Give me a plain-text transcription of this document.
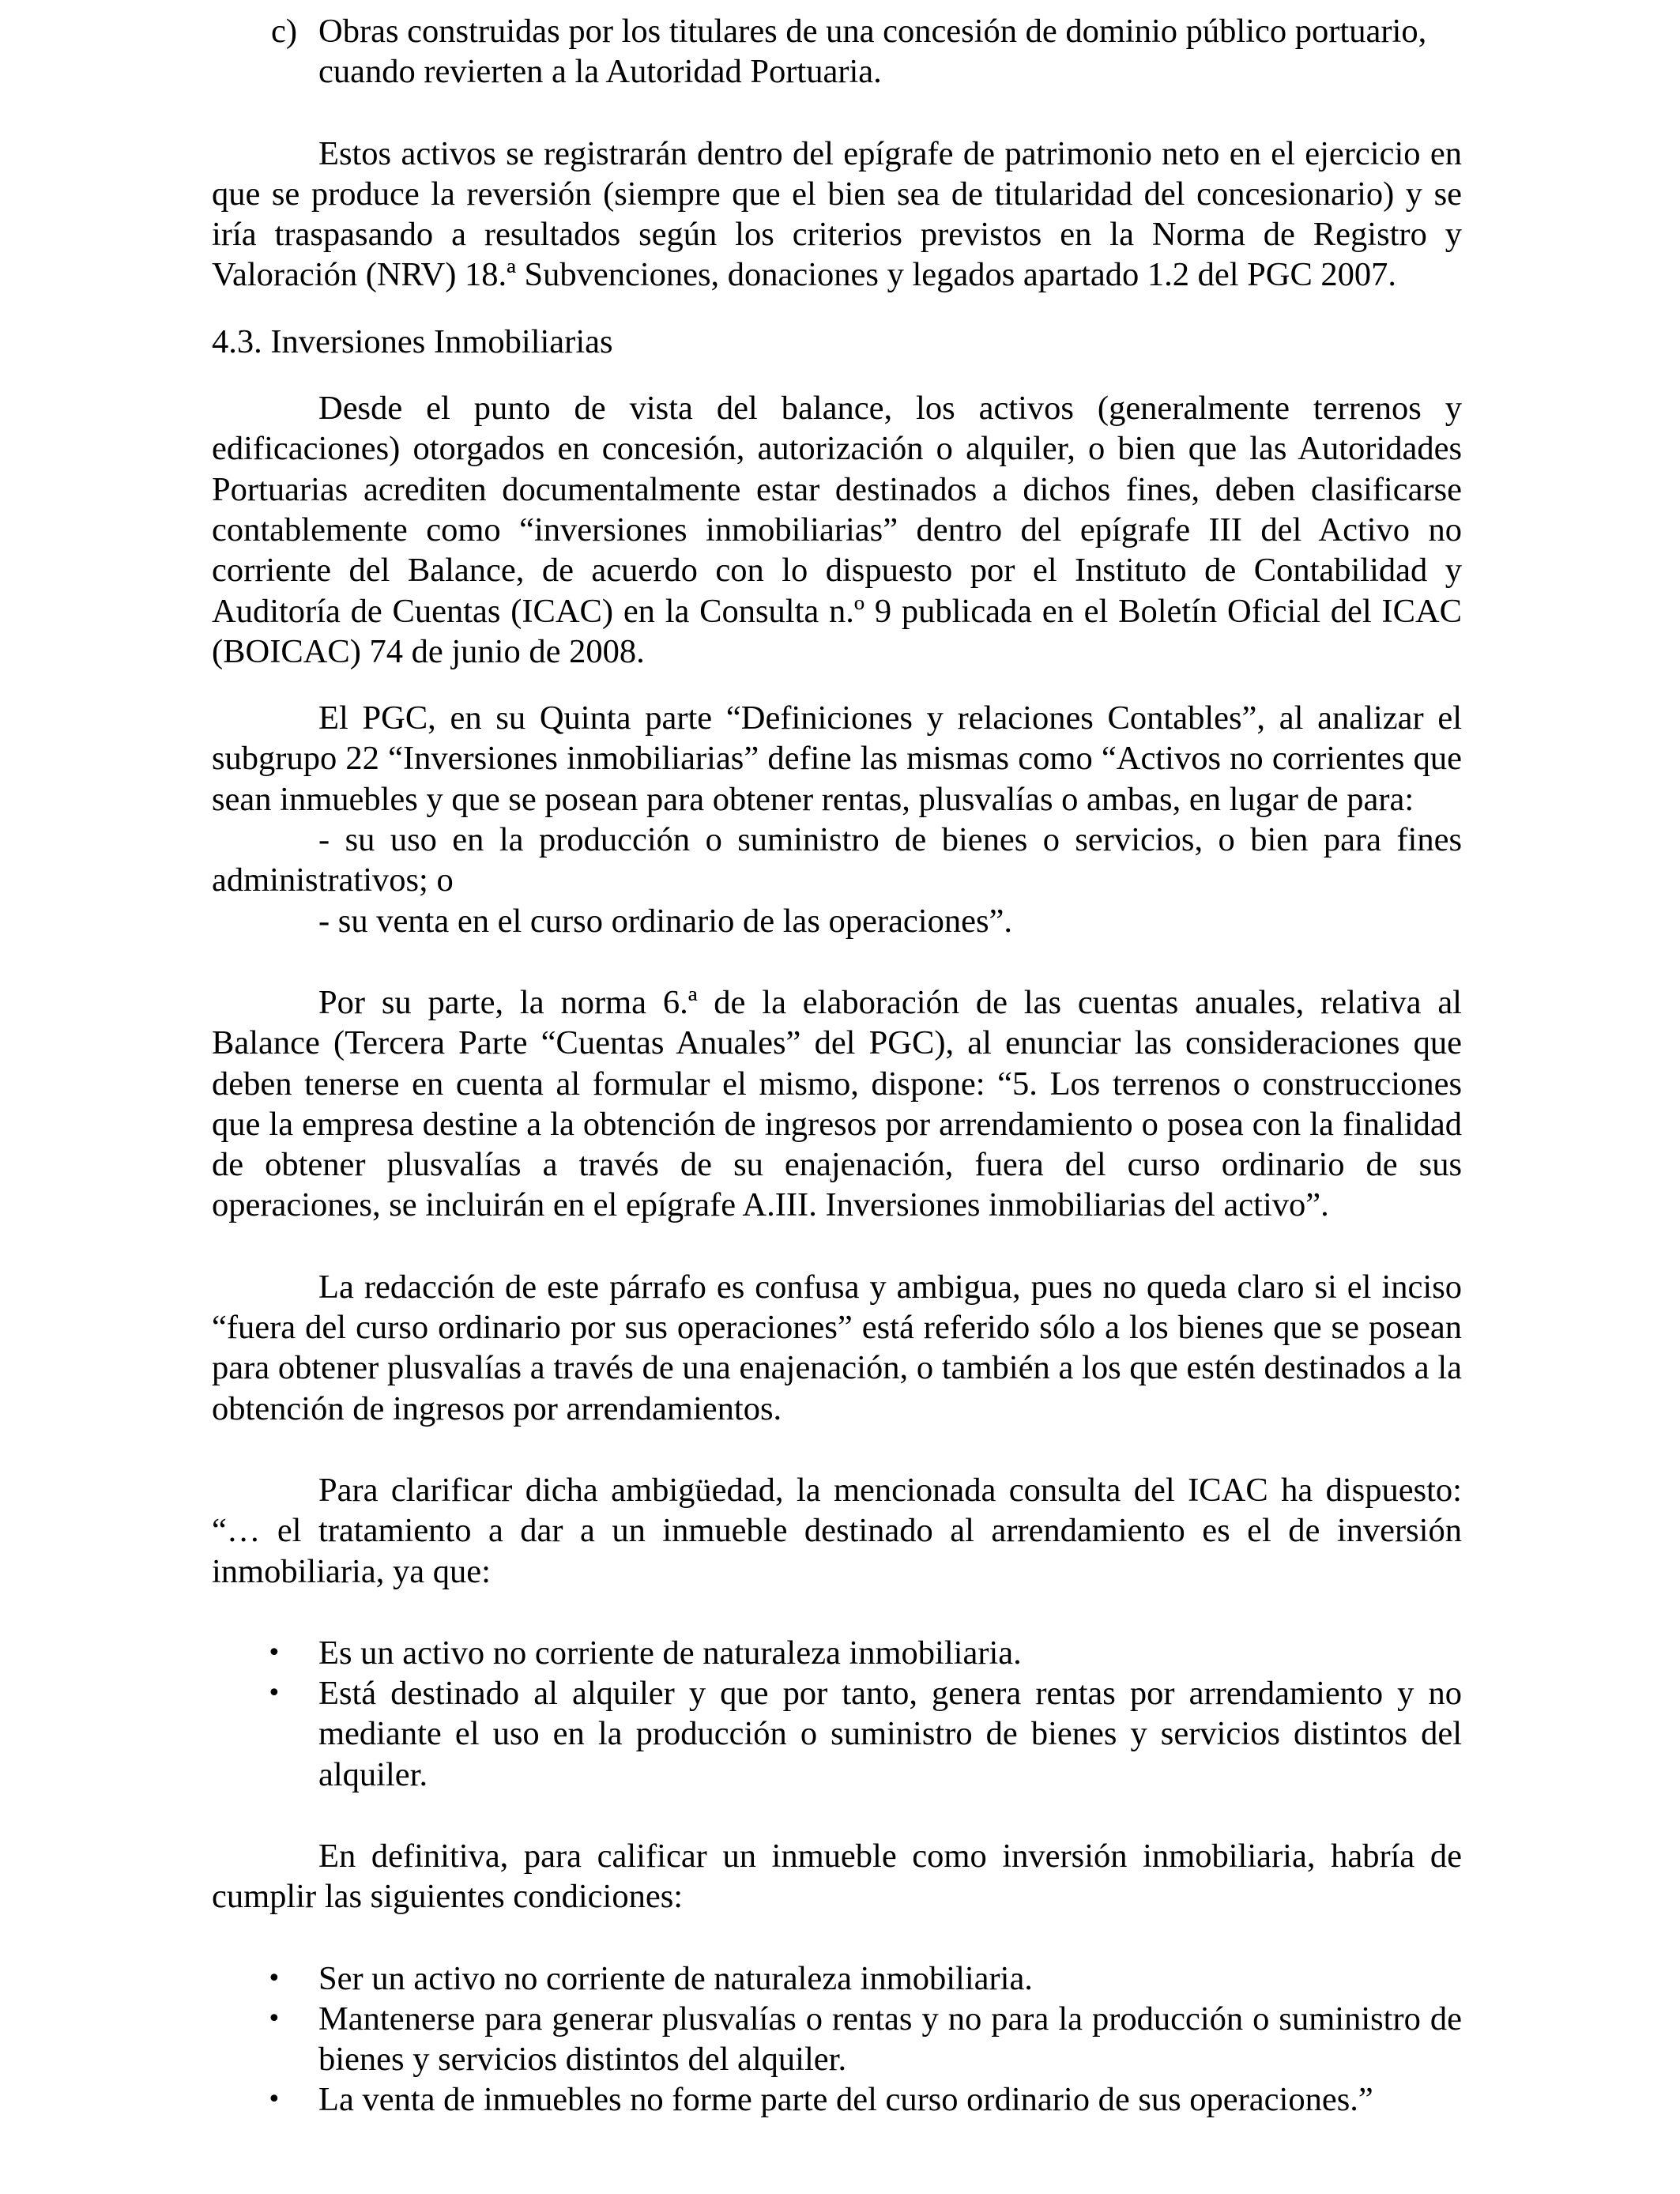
c) Obras construidas por los titulares de una concesión de dominio público portuario, cuando revierten a la Autoridad Portuaria.

Estos activos se registrarán dentro del epígrafe de patrimonio neto en el ejercicio en que se produce la reversión (siempre que el bien sea de titularidad del concesionario) y se iría traspasando a resultados según los criterios previstos en la Norma de Registro y Valoración (NRV) 18.ª Subvenciones, donaciones y legados apartado 1.2 del PGC 2007.

4.3. Inversiones Inmobiliarias

Desde el punto de vista del balance, los activos (generalmente terrenos y edificaciones) otorgados en concesión, autorización o alquiler, o bien que las Autoridades Portuarias acrediten documentalmente estar destinados a dichos fines, deben clasificarse contablemente como “inversiones inmobiliarias” dentro del epígrafe III del Activo no corriente del Balance, de acuerdo con lo dispuesto por el Instituto de Contabilidad y Auditoría de Cuentas (ICAC) en la Consulta n.º 9 publicada en el Boletín Oficial del ICAC (BOICAC) 74 de junio de 2008.

El PGC, en su Quinta parte “Definiciones y relaciones Contables”, al analizar el subgrupo 22 “Inversiones inmobiliarias” define las mismas como “Activos no corrientes que sean inmuebles y que se posean para obtener rentas, plusvalías o ambas, en lugar de para:

- su uso en la producción o suministro de bienes o servicios, o bien para fines administrativos; o

- su venta en el curso ordinario de las operaciones”.

Por su parte, la norma 6.ª de la elaboración de las cuentas anuales, relativa al Balance (Tercera Parte “Cuentas Anuales” del PGC), al enunciar las consideraciones que deben tenerse en cuenta al formular el mismo, dispone: “5. Los terrenos o construcciones que la empresa destine a la obtención de ingresos por arrendamiento o posea con la finalidad de obtener plusvalías a través de su enajenación, fuera del curso ordinario de sus operaciones, se incluirán en el epígrafe A.III. Inversiones inmobiliarias del activo”.

La redacción de este párrafo es confusa y ambigua, pues no queda claro si el inciso “fuera del curso ordinario por sus operaciones” está referido sólo a los bienes que se posean para obtener plusvalías a través de una enajenación, o también a los que estén destinados a la obtención de ingresos por arrendamientos.

Para clarificar dicha ambigüedad, la mencionada consulta del ICAC ha dispuesto: “… el tratamiento a dar a un inmueble destinado al arrendamiento es el de inversión inmobiliaria, ya que:

• Es un activo no corriente de naturaleza inmobiliaria.
• Está destinado al alquiler y que por tanto, genera rentas por arrendamiento y no mediante el uso en la producción o suministro de bienes y servicios distintos del alquiler.

En definitiva, para calificar un inmueble como inversión inmobiliaria, habría de cumplir las siguientes condiciones:

• Ser un activo no corriente de naturaleza inmobiliaria.
• Mantenerse para generar plusvalías o rentas y no para la producción o suministro de bienes y servicios distintos del alquiler.
• La venta de inmuebles no forme parte del curso ordinario de sus operaciones.”
